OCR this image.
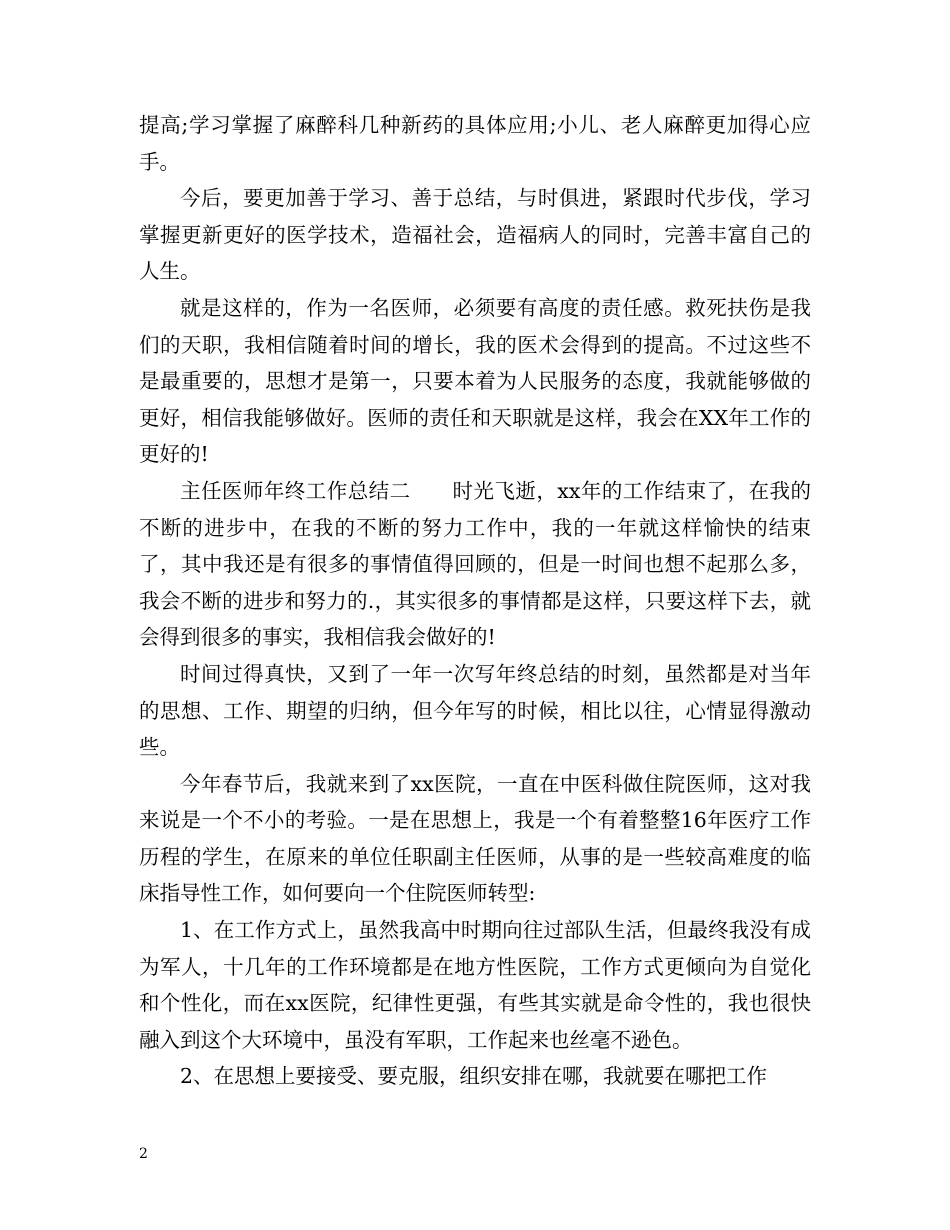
提高;学习掌握了麻醉科几种新药的具体应用;小儿、老人麻醉更加得心应手。

今后，要更加善于学习、善于总结，与时俱进，紧跟时代步伐，学习掌握更新更好的医学技术，造福社会，造福病人的同时，完善丰富自己的人生。

就是这样的，作为一名医师，必须要有高度的责任感。救死扶伤是我们的天职，我相信随着时间的增长，我的医术会得到的提高。不过这些不是最重要的，思想才是第一，只要本着为人民服务的态度，我就能够做的更好，相信我能够做好。医师的责任和天职就是这样，我会在XX年工作的更好的!

主任医师年终工作总结二　　时光飞逝，xx年的工作结束了，在我的不断的进步中，在我的不断的努力工作中，我的一年就这样愉快的结束了，其中我还是有很多的事情值得回顾的，但是一时间也想不起那么多，我会不断的进步和努力的.，其实很多的事情都是这样，只要这样下去，就会得到很多的事实，我相信我会做好的!

时间过得真快，又到了一年一次写年终总结的时刻，虽然都是对当年的思想、工作、期望的归纳，但今年写的时候，相比以往，心情显得激动些。

今年春节后，我就来到了xx医院，一直在中医科做住院医师，这对我来说是一个不小的考验。一是在思想上，我是一个有着整整16年医疗工作历程的学生，在原来的单位任职副主任医师，从事的是一些较高难度的临床指导性工作，如何要向一个住院医师转型:

1、在工作方式上，虽然我高中时期向往过部队生活，但最终我没有成为军人，十几年的工作环境都是在地方性医院，工作方式更倾向为自觉化和个性化，而在xx医院，纪律性更强，有些其实就是命令性的，我也很快融入到这个大环境中，虽没有军职，工作起来也丝毫不逊色。

2、在思想上要接受、要克服，组织安排在哪，我就要在哪把工作

2
